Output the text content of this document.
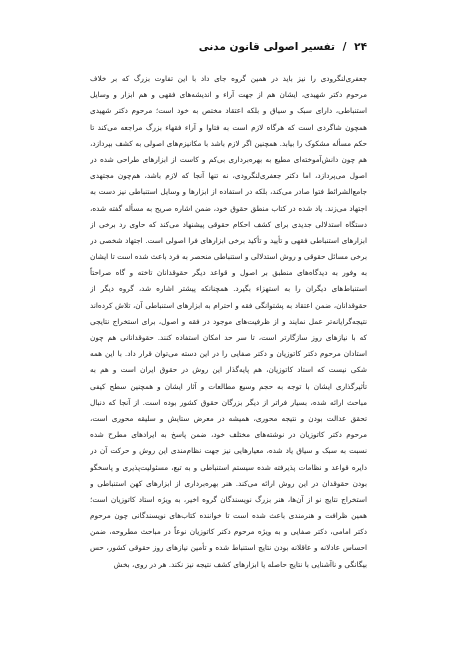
۲۴ / تفسیر اصولی قانون مدنی
جعفری‌لنگرودی را نیز باید در همین گروه جای داد با این تفاوت بزرگ که بر خلاف
مرحوم دکتر شهیدی، ایشان هم از جهت آراء و اندیشه‌های فقهی و هم ابزار و وسایل
استنباطی، دارای سبک و سیاق و بلکه اعتقاد مختص به خود است؛ مرحوم دکتر شهیدی
همچون شاگردی است که هرگاه لازم است به فتاوا و آراء فقهاء بزرگ مراجعه می‌کند تا
حکم مسأله مشکوک را بیابد. همچنین اگر لازم باشد با مکانیزم‌های اصولی به کشف بپردازد،
هم چون دانش‌آموخته‌ای مطیع به بهره‌برداری بی‌کم و کاست از ابزارهای طراحی شده در
اصول می‌پردازد، اما دکتر جعفری‌لنگرودی، نه تنها آنجا که لازم باشد، هم‌چون مجتهدی
جامع‌الشرائط فتوا صادر می‌کند، بلکه در استفاده از ابزارها و وسایل استنباطی نیز دست به
اجتهاد می‌زند. یاد شده در کتاب منطق حقوق خود، ضمن اشاره صریح به مسأله گفته شده،
دستگاه استدلالی جدیدی برای کشف احکام حقوقی پیشنهاد می‌کند که حاوی رد برخی از
ابزارهای استنباطی فقهی و تأیید و تأکید برخی ابزارهای فرا اصولی است. اجتهاد شخصی در
برخی مسائل حقوقی و روش استدلالی و استنباطی منحصر به فرد باعث شده است تا ایشان
به وفور به دیدگاه‌های منطبق بر اصول و قواعد دیگر حقوقدانان تاخته و گاه صراحتاً
استنباط‌های دیگران را به استهزاء بگیرد. همچنانکه پیشتر اشاره شد، گروه دیگر از
حقوقدانان، ضمن اعتقاد به پشتوانگی فقه و احترام به ابزارهای استنباطی آن، تلاش کرده‌اند
نتیجه‌گرایانه‌تر عمل نمایند و از ظرفیت‌های موجود در فقه و اصول، برای استخراج نتایجی
که با نیازهای روز سازگارتر است، تا سر حد امکان استفاده کنند. حقوقدانانی هم چون
استادان مرحوم دکتر کاتوزیان و دکتر صفایی را در این دسته می‌توان قرار داد. با این همه
شکی نیست که استاد کاتوزیان، هم پایه‌گذار این روش در حقوق ایران است و هم به
تأثیرگذاری ایشان با توجه به حجم وسیع مطالعات و آثار ایشان و همچنین سطح کیفی
مباحث ارائه شده، بسیار فراتر از دیگر بزرگان حقوق کشور بوده است. از آنجا که دنبال
تحقق عدالت بودن و نتیجه محوری، همیشه در معرض ستایش و سلیقه محوری است،
مرحوم دکتر کاتوزیان در نوشته‌های مختلف خود، ضمن پاسخ به ایرادهای مطرح شده
نسبت به سبک و سیاق یاد شده، معیارهایی نیز جهت نظام‌مندی این روش و حرکت آن در
دایره قواعد و نظامات پذیرفته شده سیستم استنباطی و به تبع، مسئولیت‌پذیری و پاسخگو
بودن حقوقدان در این روش ارائه می‌کند. هنر بهره‌برداری از ابزارهای کهن استنباطی و
استخراج نتایج نو از آن‌ها، هنر بزرگ نویسندگان گروه اخیر، به ویژه استاد کاتوزیان است؛
همین ظرافت و هنرمندی باعث شده است تا خواننده کتاب‌های نویسندگانی چون مرحوم
دکتر امامی، دکتر صفایی و به ویژه مرحوم دکتر کاتوزیان نوعاً در مباحث مطروحه، ضمن
احساس عادلانه و عاقلانه بودن نتایج استنباط شده و تأمین نیازهای روز حقوقی کشور، حس
بیگانگی و ناآشنایی با نتایج حاصله یا ابزارهای کشف نتیجه نیز نکند. هر در روی، بخش
